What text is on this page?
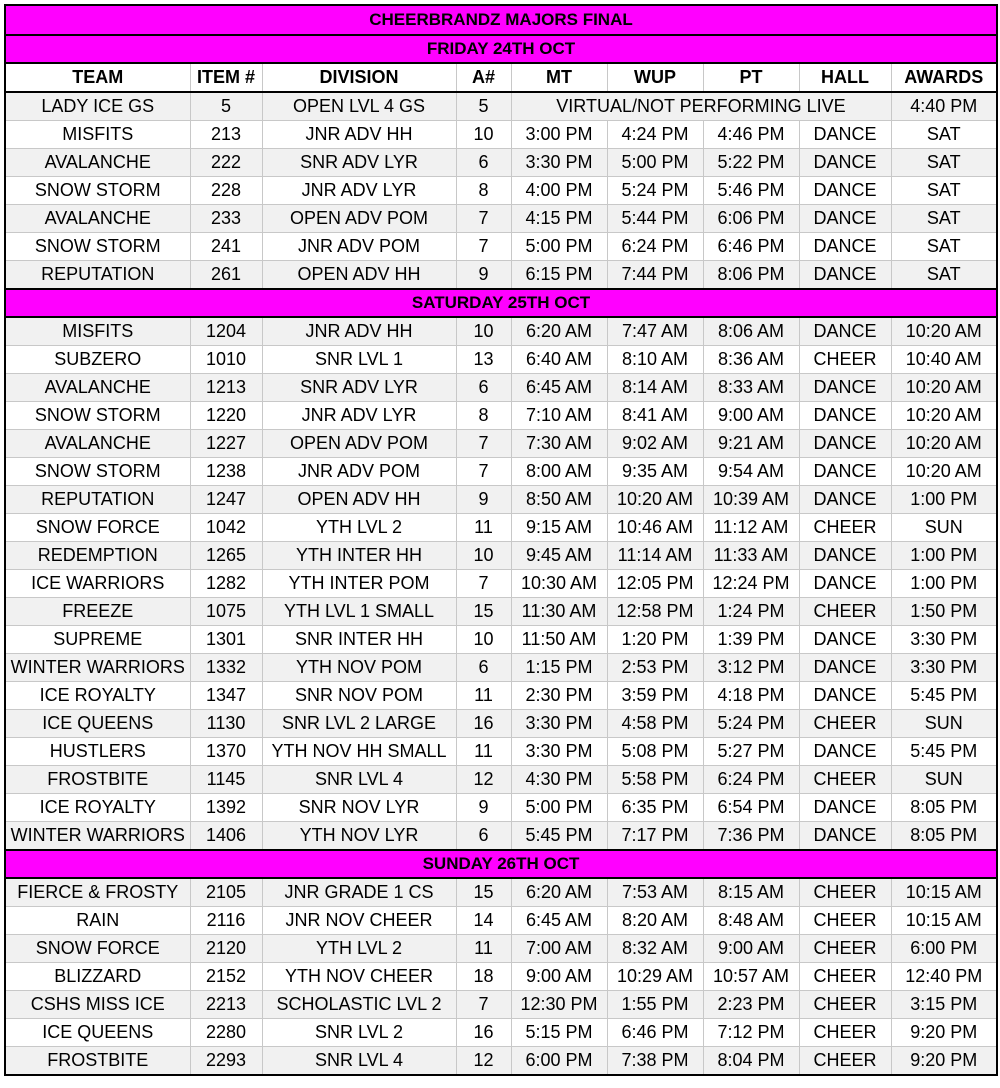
CHEERBRANDZ MAJORS FINAL								
FRIDAY 24TH OCT								
TEAM	ITEM #	DIVISION	A#	MT	WUP	PT	HALL	AWARDS
LADY ICE GS	5	OPEN LVL 4 GS	5	VIRTUAL/NOT PERFORMING LIVE				4:40 PM
MISFITS	213	JNR ADV HH	10	3:00 PM	4:24 PM	4:46 PM	DANCE	SAT
AVALANCHE	222	SNR ADV LYR	6	3:30 PM	5:00 PM	5:22 PM	DANCE	SAT
SNOW STORM	228	JNR ADV LYR	8	4:00 PM	5:24 PM	5:46 PM	DANCE	SAT
AVALANCHE	233	OPEN ADV POM	7	4:15 PM	5:44 PM	6:06 PM	DANCE	SAT
SNOW STORM	241	JNR ADV POM	7	5:00 PM	6:24 PM	6:46 PM	DANCE	SAT
REPUTATION	261	OPEN ADV HH	9	6:15 PM	7:44 PM	8:06 PM	DANCE	SAT
SATURDAY 25TH OCT								
MISFITS	1204	JNR ADV HH	10	6:20 AM	7:47 AM	8:06 AM	DANCE	10:20 AM
SUBZERO	1010	SNR LVL 1	13	6:40 AM	8:10 AM	8:36 AM	CHEER	10:40 AM
AVALANCHE	1213	SNR ADV LYR	6	6:45 AM	8:14 AM	8:33 AM	DANCE	10:20 AM
SNOW STORM	1220	JNR ADV LYR	8	7:10 AM	8:41 AM	9:00 AM	DANCE	10:20 AM
AVALANCHE	1227	OPEN ADV POM	7	7:30 AM	9:02 AM	9:21 AM	DANCE	10:20 AM
SNOW STORM	1238	JNR ADV POM	7	8:00 AM	9:35 AM	9:54 AM	DANCE	10:20 AM
REPUTATION	1247	OPEN ADV HH	9	8:50 AM	10:20 AM	10:39 AM	DANCE	1:00 PM
SNOW FORCE	1042	YTH LVL 2	11	9:15 AM	10:46 AM	11:12 AM	CHEER	SUN
REDEMPTION	1265	YTH INTER HH	10	9:45 AM	11:14 AM	11:33 AM	DANCE	1:00 PM
ICE WARRIORS	1282	YTH INTER POM	7	10:30 AM	12:05 PM	12:24 PM	DANCE	1:00 PM
FREEZE	1075	YTH LVL 1 SMALL	15	11:30 AM	12:58 PM	1:24 PM	CHEER	1:50 PM
SUPREME	1301	SNR INTER HH	10	11:50 AM	1:20 PM	1:39 PM	DANCE	3:30 PM
WINTER WARRIORS	1332	YTH NOV POM	6	1:15 PM	2:53 PM	3:12 PM	DANCE	3:30 PM
ICE ROYALTY	1347	SNR NOV POM	11	2:30 PM	3:59 PM	4:18 PM	DANCE	5:45 PM
ICE QUEENS	1130	SNR LVL 2 LARGE	16	3:30 PM	4:58 PM	5:24 PM	CHEER	SUN
HUSTLERS	1370	YTH NOV HH SMALL	11	3:30 PM	5:08 PM	5:27 PM	DANCE	5:45 PM
FROSTBITE	1145	SNR LVL 4	12	4:30 PM	5:58 PM	6:24 PM	CHEER	SUN
ICE ROYALTY	1392	SNR NOV LYR	9	5:00 PM	6:35 PM	6:54 PM	DANCE	8:05 PM
WINTER WARRIORS	1406	YTH NOV LYR	6	5:45 PM	7:17 PM	7:36 PM	DANCE	8:05 PM
SUNDAY 26TH OCT								
FIERCE & FROSTY	2105	JNR GRADE 1 CS	15	6:20 AM	7:53 AM	8:15 AM	CHEER	10:15 AM
RAIN	2116	JNR NOV CHEER	14	6:45 AM	8:20 AM	8:48 AM	CHEER	10:15 AM
SNOW FORCE	2120	YTH LVL 2	11	7:00 AM	8:32 AM	9:00 AM	CHEER	6:00 PM
BLIZZARD	2152	YTH NOV CHEER	18	9:00 AM	10:29 AM	10:57 AM	CHEER	12:40 PM
CSHS MISS ICE	2213	SCHOLASTIC LVL 2	7	12:30 PM	1:55 PM	2:23 PM	CHEER	3:15 PM
ICE QUEENS	2280	SNR LVL 2	16	5:15 PM	6:46 PM	7:12 PM	CHEER	9:20 PM
FROSTBITE	2293	SNR LVL 4	12	6:00 PM	7:38 PM	8:04 PM	CHEER	9:20 PM
